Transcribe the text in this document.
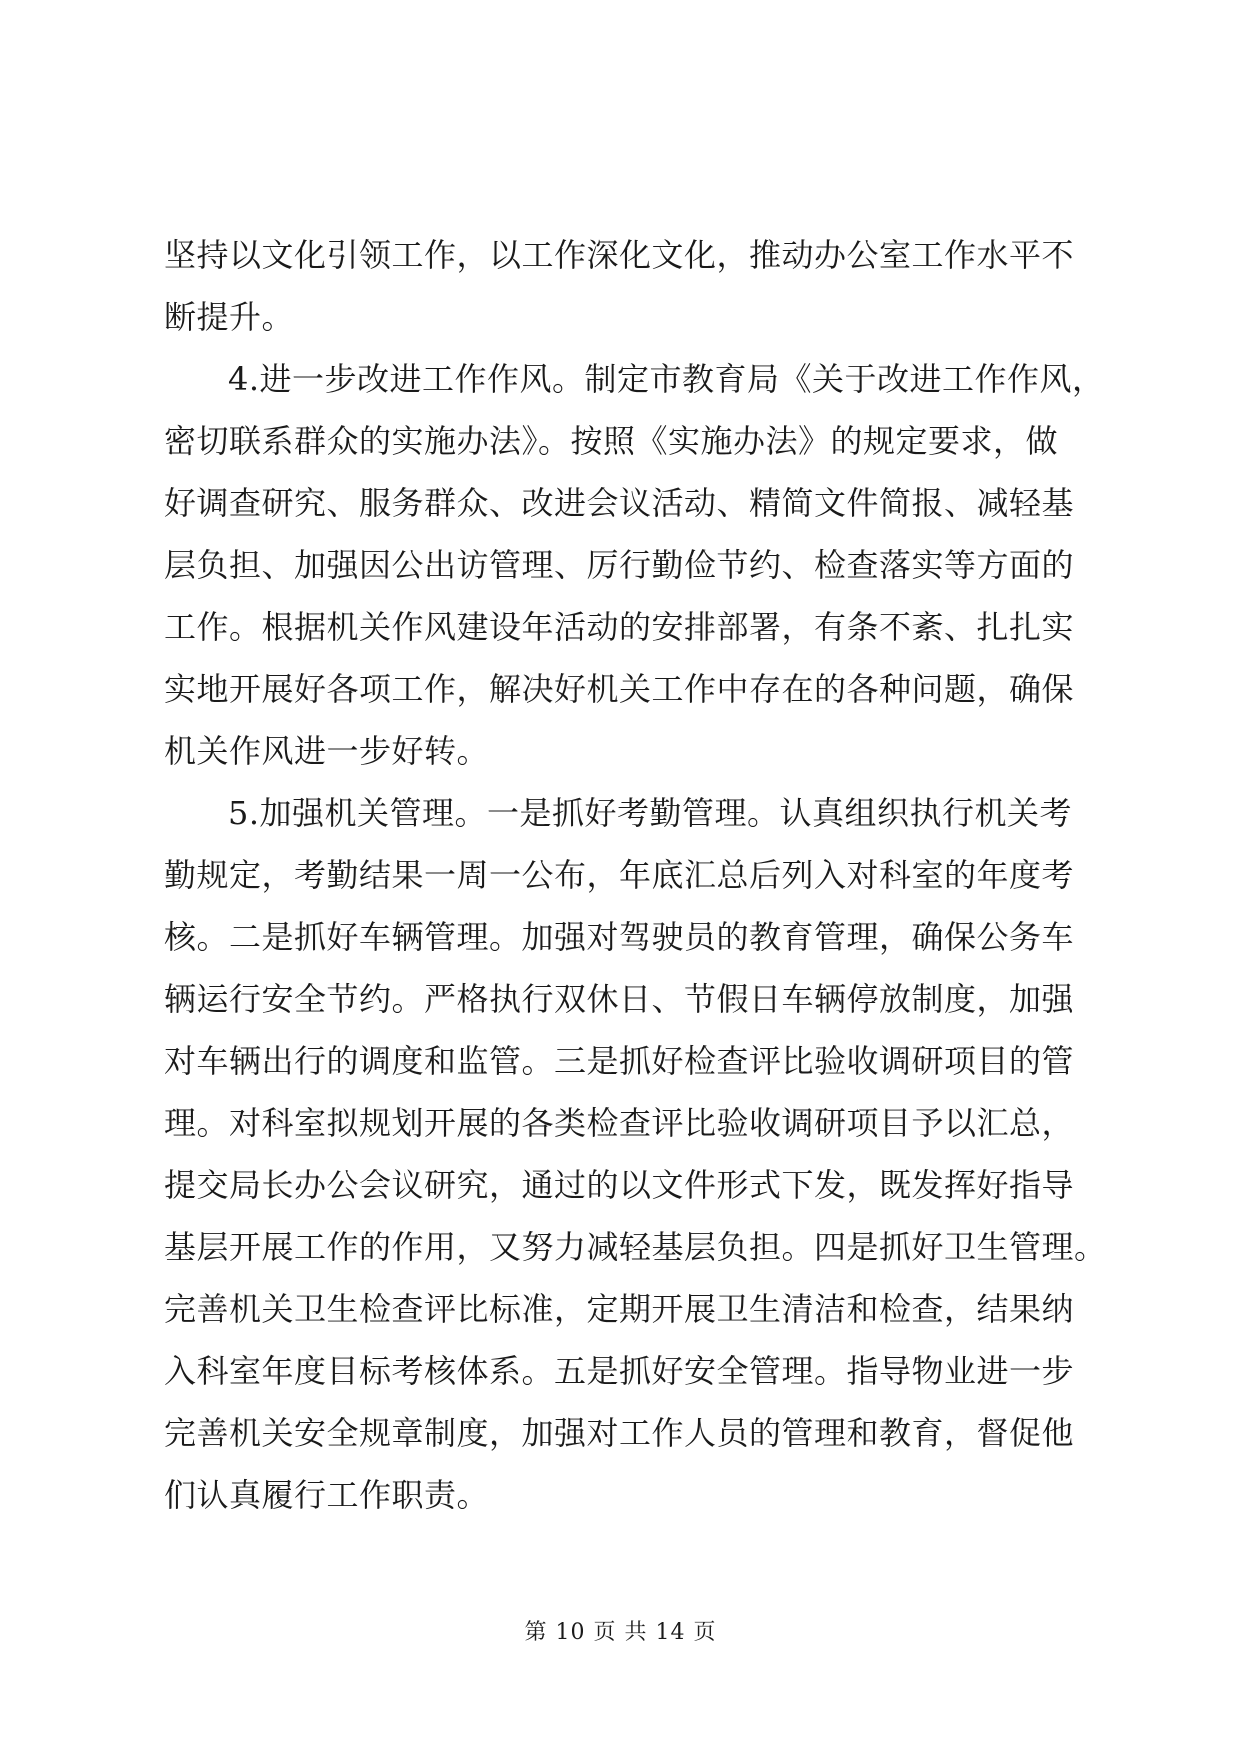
坚持以文化引领工作，以工作深化文化，推动办公室工作水平不
断提升。
4.进一步改进工作作风。制定市教育局《关于改进工作作风，
密切联系群众的实施办法》。按照《实施办法》的规定要求，做
好调查研究、服务群众、改进会议活动、精简文件简报、减轻基
层负担、加强因公出访管理、厉行勤俭节约、检查落实等方面的
工作。根据机关作风建设年活动的安排部署，有条不紊、扎扎实
实地开展好各项工作，解决好机关工作中存在的各种问题，确保
机关作风进一步好转。
5.加强机关管理。一是抓好考勤管理。认真组织执行机关考
勤规定，考勤结果一周一公布，年底汇总后列入对科室的年度考
核。二是抓好车辆管理。加强对驾驶员的教育管理，确保公务车
辆运行安全节约。严格执行双休日、节假日车辆停放制度，加强
对车辆出行的调度和监管。三是抓好检查评比验收调研项目的管
理。对科室拟规划开展的各类检查评比验收调研项目予以汇总，
提交局长办公会议研究，通过的以文件形式下发，既发挥好指导
基层开展工作的作用，又努力减轻基层负担。四是抓好卫生管理。
完善机关卫生检查评比标准，定期开展卫生清洁和检查，结果纳
入科室年度目标考核体系。五是抓好安全管理。指导物业进一步
完善机关安全规章制度，加强对工作人员的管理和教育，督促他
们认真履行工作职责。
第 10 页 共 14 页
